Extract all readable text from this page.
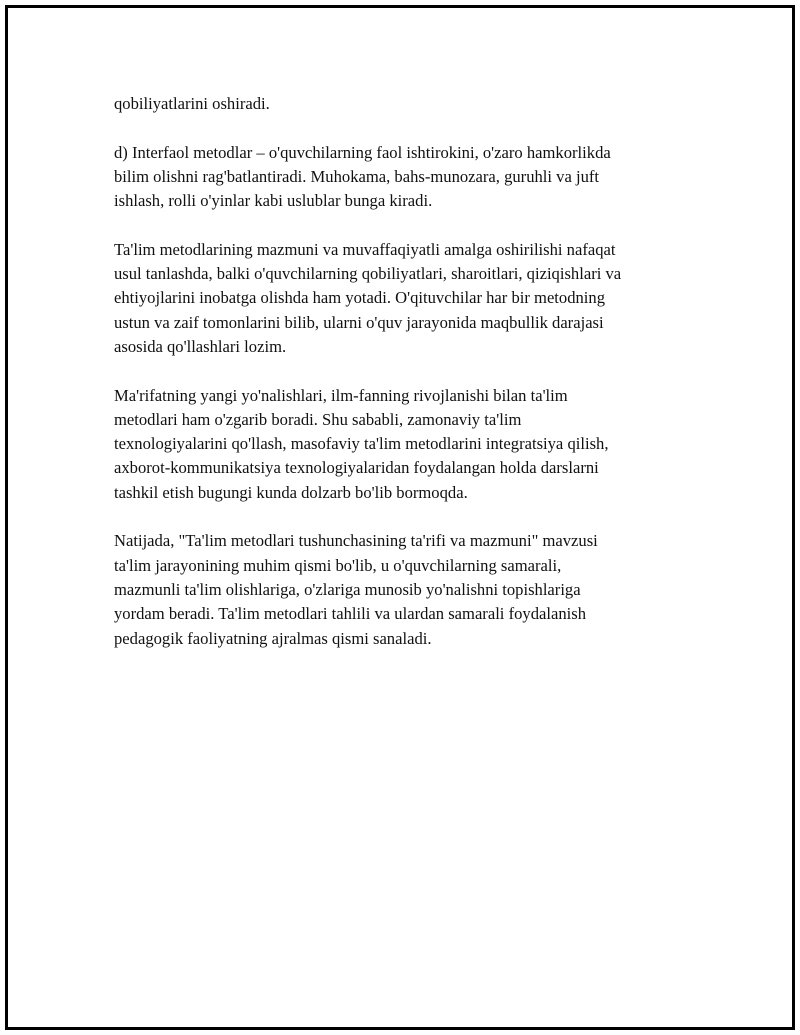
qobiliyatlarini oshiradi.
d) Interfaol metodlar – o'quvchilarning faol ishtirokini, o'zaro hamkorlikda
bilim olishni rag'batlantiradi. Muhokama, bahs-munozara, guruhli va juft
ishlash, rolli o'yinlar kabi uslublar bunga kiradi.
Ta'lim metodlarining mazmuni va muvaffaqiyatli amalga oshirilishi nafaqat
usul tanlashda, balki o'quvchilarning qobiliyatlari, sharoitlari, qiziqishlari va
ehtiyojlarini inobatga olishda ham yotadi. O'qituvchilar har bir metodning
ustun va zaif tomonlarini bilib, ularni o'quv jarayonida maqbullik darajasi
asosida qo'llashlari lozim.
Ma'rifatning yangi yo'nalishlari, ilm-fanning rivojlanishi bilan ta'lim
metodlari ham o'zgarib boradi. Shu sababli, zamonaviy ta'lim
texnologiyalarini qo'llash, masofaviy ta'lim metodlarini integratsiya qilish,
axborot-kommunikatsiya texnologiyalaridan foydalangan holda darslarni
tashkil etish bugungi kunda dolzarb bo'lib bormoqda.
Natijada, "Ta'lim metodlari tushunchasining ta'rifi va mazmuni" mavzusi
ta'lim jarayonining muhim qismi bo'lib, u o'quvchilarning samarali,
mazmunli ta'lim olishlariga, o'zlariga munosib yo'nalishni topishlariga
yordam beradi. Ta'lim metodlari tahlili va ulardan samarali foydalanish
pedagogik faoliyatning ajralmas qismi sanaladi.
